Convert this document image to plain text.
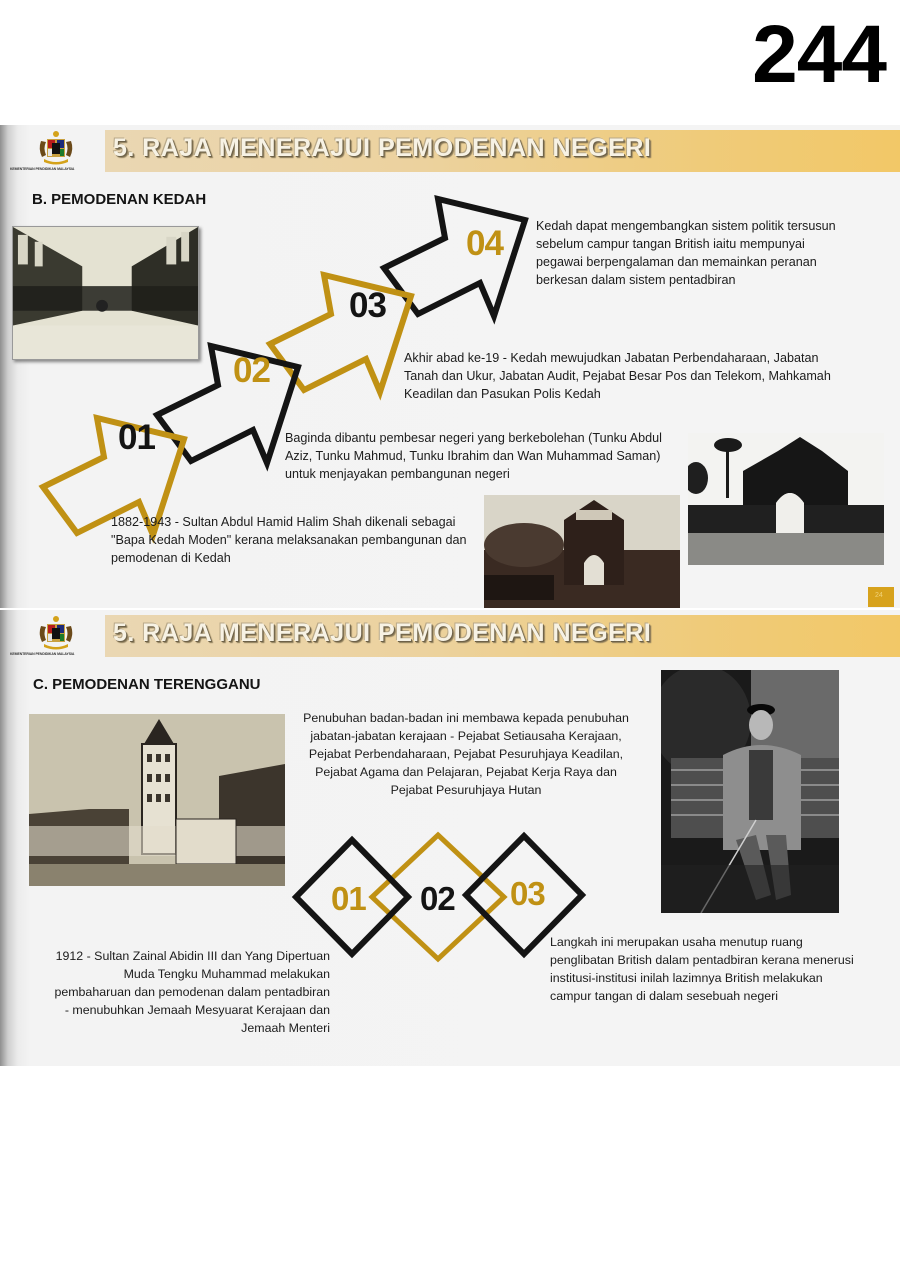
244
KEMENTERIAN PENDIDIKAN MALAYSIA
5. RAJA MENERAJUI PEMODENAN NEGERI
B. PEMODENAN KEDAH
01
02
03
04	Kedah dapat mengembangkan sistem politik tersusun sebelum campur tangan British iaitu mempunyai pegawai berpengalaman dan memainkan peranan berkesan dalam sistem pentadbiran
Akhir abad ke-19 - Kedah mewujudkan Jabatan Perbendaharaan, Jabatan Tanah dan Ukur, Jabatan Audit, Pejabat Besar Pos dan Telekom, Mahkamah Keadilan dan Pasukan Polis Kedah
Baginda dibantu pembesar negeri yang berkebolehan (Tunku Abdul Aziz, Tunku Mahmud, Tunku Ibrahim dan Wan Muhammad Saman) untuk menjayakan pembangunan negeri
1882-1943 - Sultan Abdul Hamid Halim Shah dikenali sebagai "Bapa Kedah Moden" kerana melaksanakan pembangunan dan pemodenan di Kedah
24
KEMENTERIAN PENDIDIKAN MALAYSIA
5. RAJA MENERAJUI PEMODENAN NEGERI
C. PEMODENAN TERENGGANU
Penubuhan badan-badan ini membawa kepada penubuhan jabatan-jabatan kerajaan - Pejabat Setiausaha Kerajaan, Pejabat Perbendaharaan, Pejabat Pesuruhjaya Keadilan, Pejabat Agama dan Pelajaran, Pejabat Kerja Raya dan Pejabat Pesuruhjaya Hutan
01 02 03
1912 - Sultan Zainal Abidin III dan Yang Dipertuan Muda Tengku Muhammad melakukan pembaharuan dan pemodenan dalam pentadbiran - menubuhkan Jemaah Mesyuarat Kerajaan dan Jemaah Menteri
Langkah ini merupakan usaha menutup ruang penglibatan British dalam pentadbiran kerana menerusi institusi-institusi inilah lazimnya British melakukan campur tangan di dalam sesebuah negeri
